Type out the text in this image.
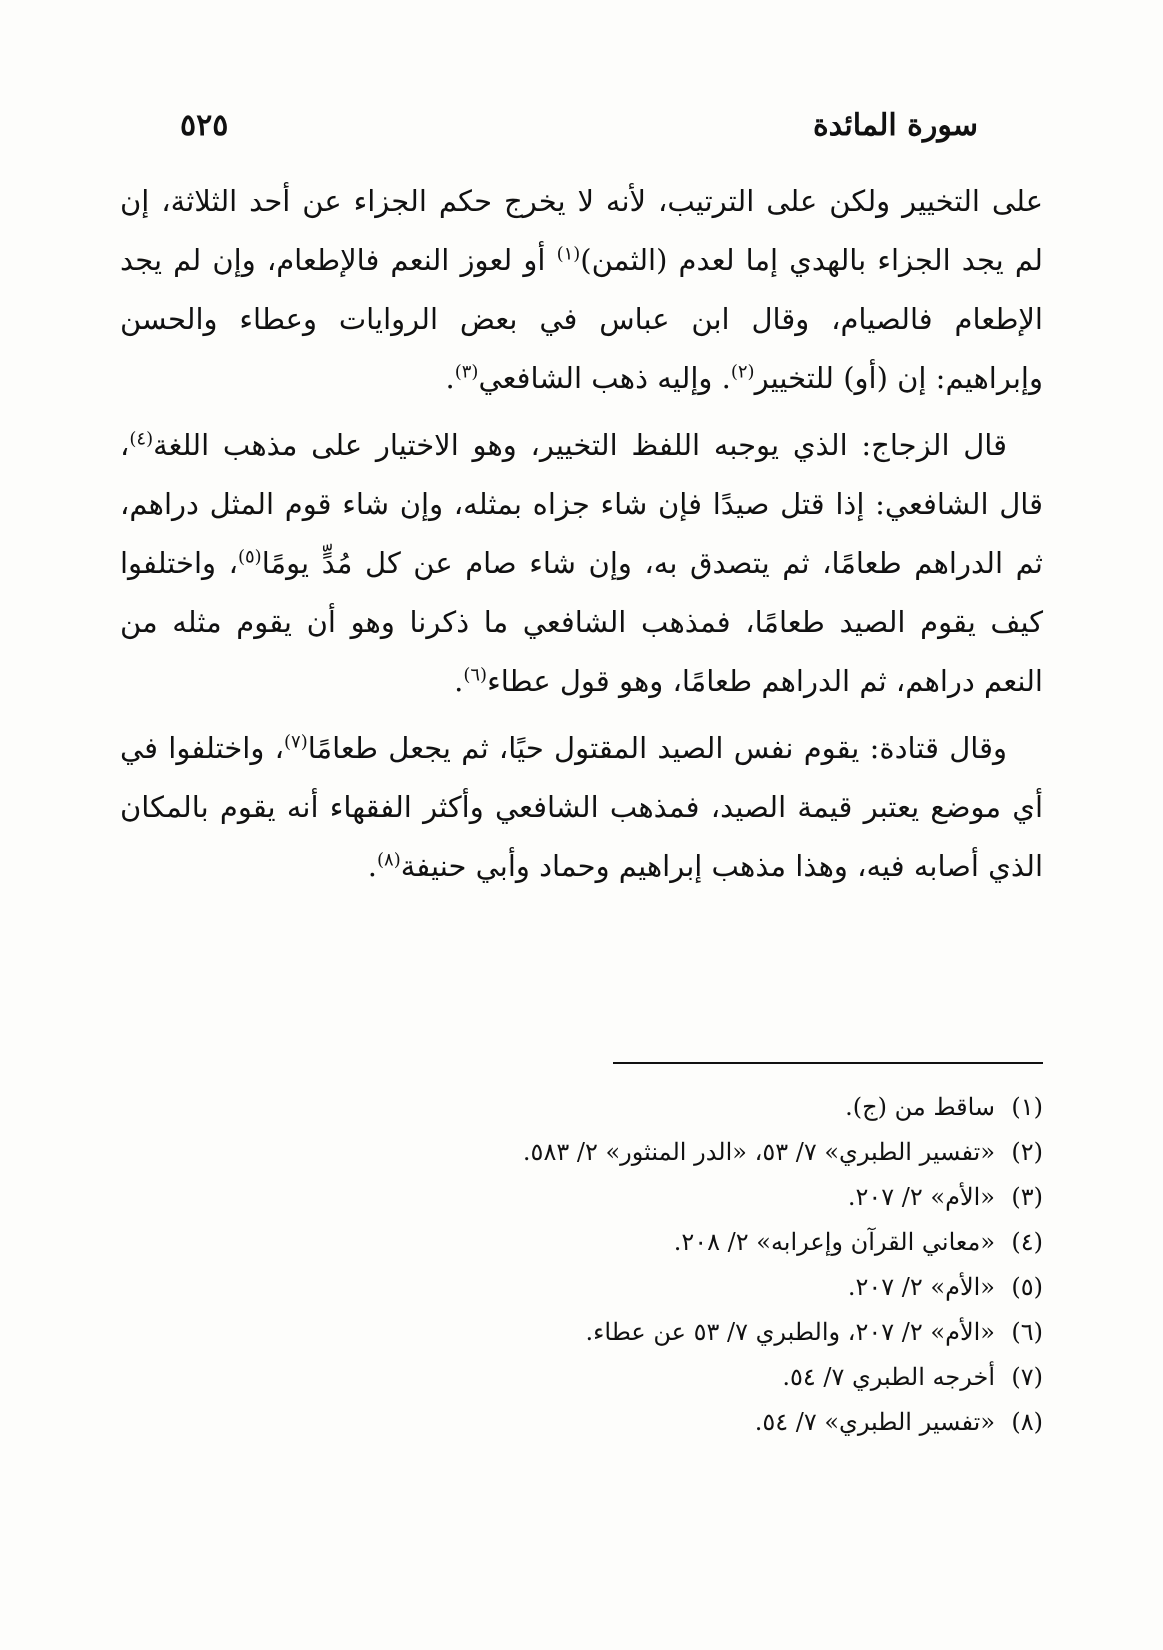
سورة المائدة
٥٢٥

على التخيير ولكن على الترتيب، لأنه لا يخرج حكم الجزاء عن أحد الثلاثة، إن لم يجد الجزاء بالهدي إما لعدم (الثمن)$^{(١)}$ أو لعوز النعم فالإطعام، وإن لم يجد الإطعام فالصيام، وقال ابن عباس في بعض الروايات وعطاء والحسن وإبراهيم: إن (أو) للتخيير$^{(٢)}$. وإليه ذهب الشافعي$^{(٣)}$.

قال الزجاج: الذي يوجبه اللفظ التخيير، وهو الاختيار على مذهب اللغة$^{(٤)}$، قال الشافعي: إذا قتل صيدًا فإن شاء جزاه بمثله، وإن شاء قوم المثل دراهم، ثم الدراهم طعامًا، ثم يتصدق به، وإن شاء صام عن كل مُدٍّ يومًا$^{(٥)}$، واختلفوا كيف يقوم الصيد طعامًا، فمذهب الشافعي ما ذكرنا وهو أن يقوم مثله من النعم دراهم، ثم الدراهم طعامًا، وهو قول عطاء$^{(٦)}$.

وقال قتادة: يقوم نفس الصيد المقتول حيًا، ثم يجعل طعامًا$^{(٧)}$، واختلفوا في أي موضع يعتبر قيمة الصيد، فمذهب الشافعي وأكثر الفقهاء أنه يقوم بالمكان الذي أصابه فيه، وهذا مذهب إبراهيم وحماد وأبي حنيفة$^{(٨)}$.

(١)ساقط من (ج).
(٢)«تفسير الطبري» ٧/ ٥٣، «الدر المنثور» ٢/ ٥٨٣.
(٣)«الأم» ٢/ ٢٠٧.
(٤)«معاني القرآن وإعرابه» ٢/ ٢٠٨.
(٥)«الأم» ٢/ ٢٠٧.
(٦)«الأم» ٢/ ٢٠٧، والطبري ٧/ ٥٣ عن عطاء.
(٧)أخرجه الطبري ٧/ ٥٤.
(٨)«تفسير الطبري» ٧/ ٥٤.
